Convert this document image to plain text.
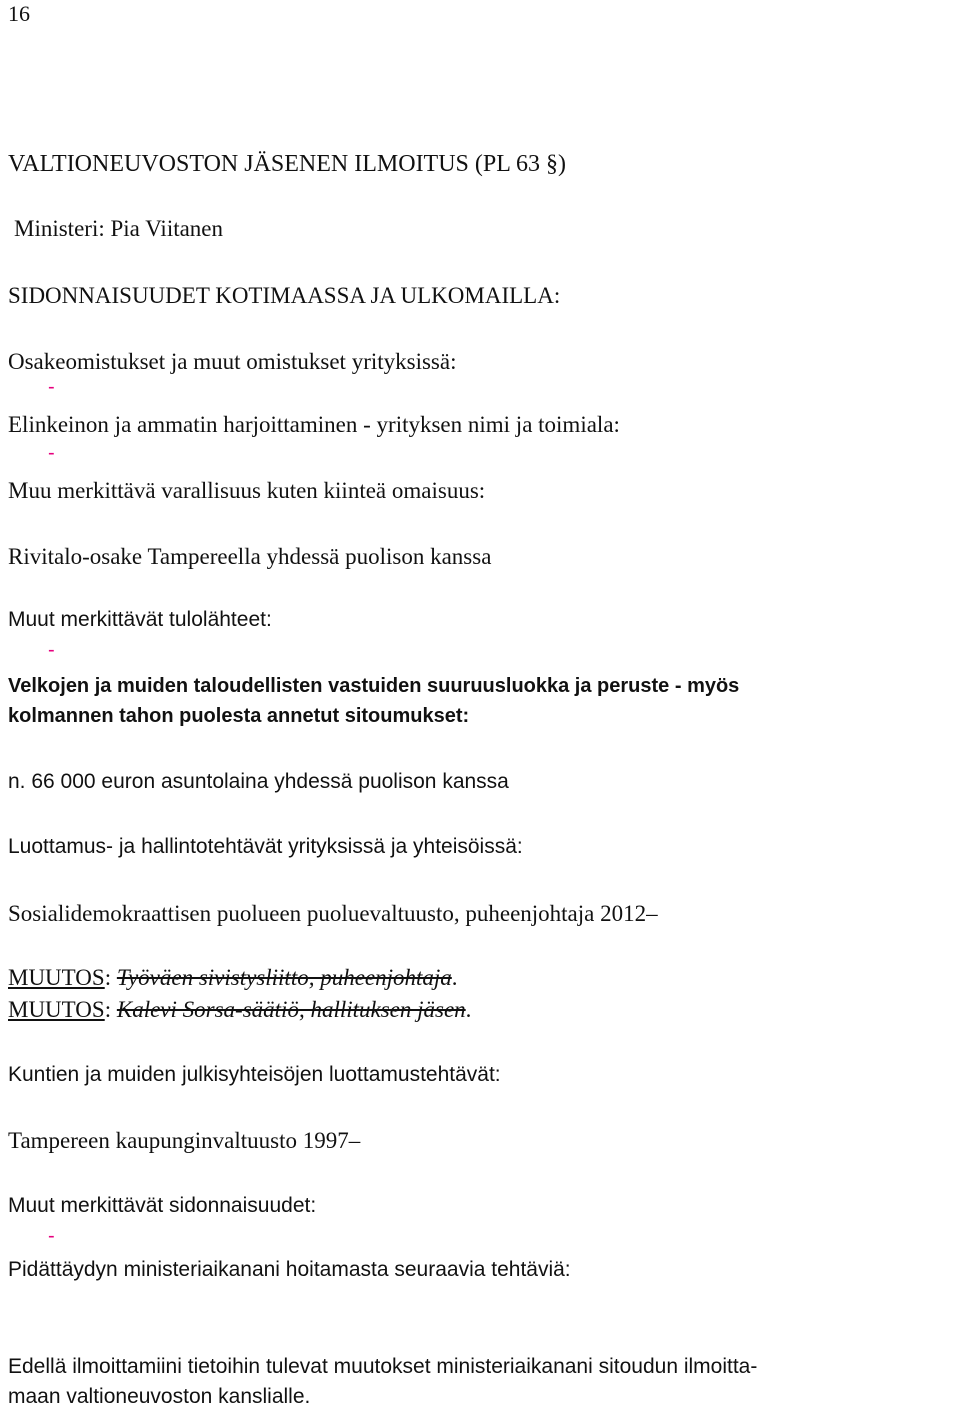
16
VALTIONEUVOSTON JÄSENEN ILMOITUS (PL 63 §)
Ministeri: Pia Viitanen
SIDONNAISUUDET KOTIMAASSA JA ULKOMAILLA:
Osakeomistukset ja muut omistukset yrityksissä:
-
Elinkeinon ja ammatin harjoittaminen - yrityksen nimi ja toimiala:
-
Muu merkittävä varallisuus kuten kiinteä omaisuus:
Rivitalo-osake Tampereella yhdessä puolison kanssa
Muut merkittävät tulolähteet:
-
Velkojen ja muiden taloudellisten vastuiden suuruusluokka ja peruste - myös
kolmannen tahon puolesta annetut sitoumukset:
n. 66 000 euron asuntolaina yhdessä puolison kanssa
Luottamus- ja hallintotehtävät yrityksissä ja yhteisöissä:
Sosialidemokraattisen puolueen puoluevaltuusto, puheenjohtaja 2012–
MUUTOS: Työväen sivistysliitto, puheenjohtaja.
MUUTOS: Kalevi Sorsa-säätiö, hallituksen jäsen.
Kuntien ja muiden julkisyhteisöjen luottamustehtävät:
Tampereen kaupunginvaltuusto 1997–
Muut merkittävät sidonnaisuudet:
-
Pidättäydyn ministeriaikanani hoitamasta seuraavia tehtäviä:
Edellä ilmoittamiini tietoihin tulevat muutokset ministeriaikanani sitoudun ilmoitta-
maan valtioneuvoston kanslialle.
